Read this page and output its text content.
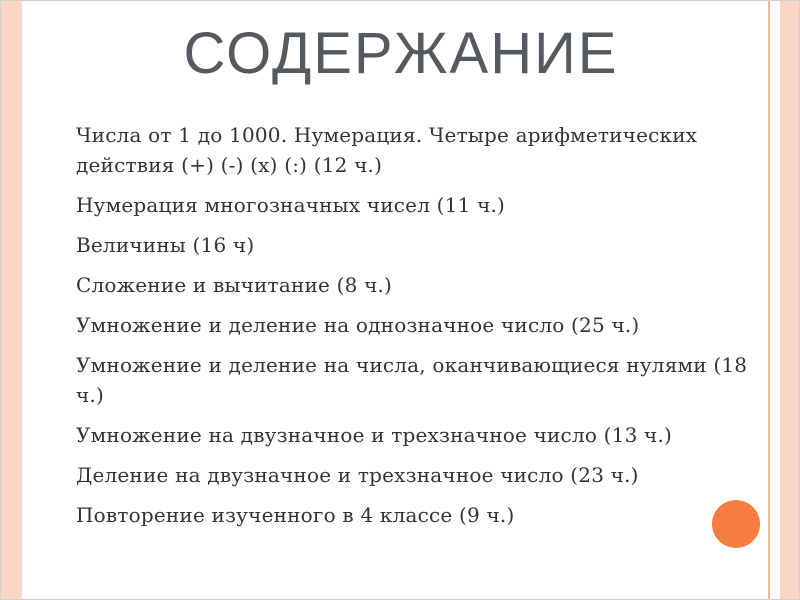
СОДЕРЖАНИЕ
Числа от 1 до 1000. Нумерация. Четыре арифметических действия (+) (-) (x) (:) (12 ч.)
Нумерация многозначных чисел (11 ч.)
Величины (16 ч)
Сложение и вычитание (8 ч.)
Умножение и деление на однозначное число (25 ч.)
Умножение и деление на числа, оканчивающиеся нулями (18 ч.)
Умножение на двузначное и трехзначное число (13 ч.)
Деление на двузначное и трехзначное число (23 ч.)
Повторение изученного в 4 классе (9 ч.)
